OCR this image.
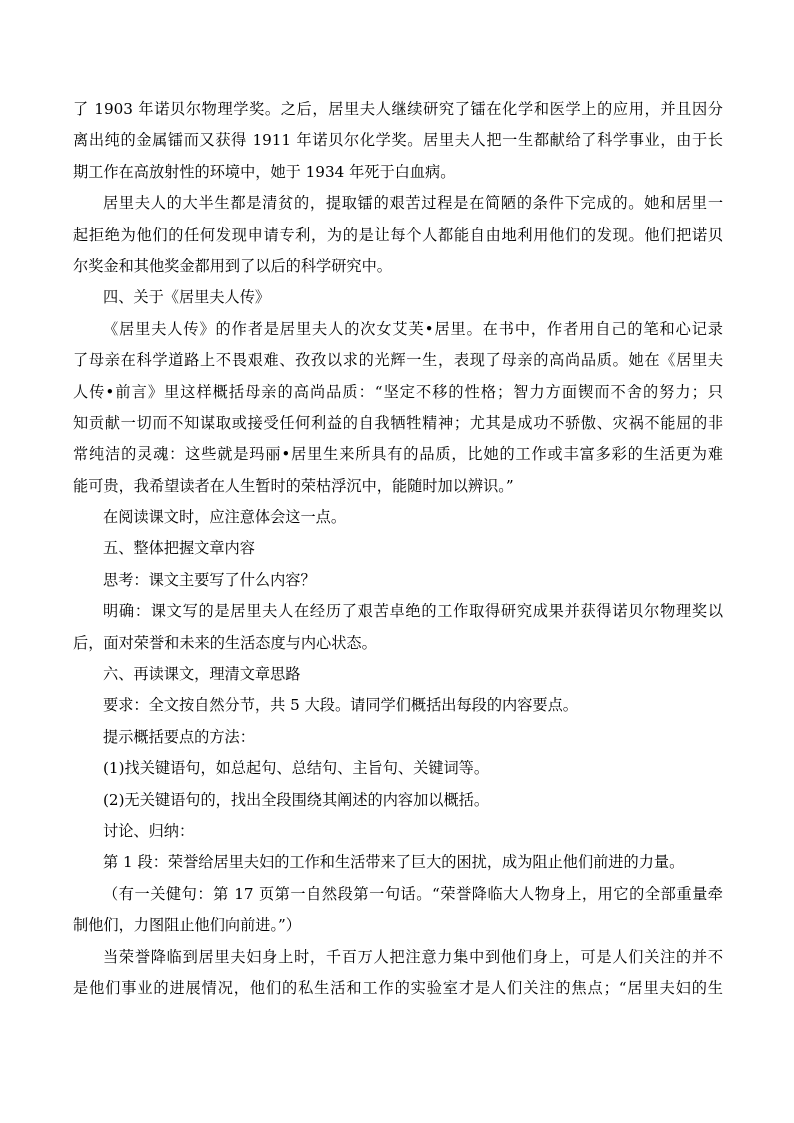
了 1903 年诺贝尔物理学奖。之后，居里夫人继续研究了镭在化学和医学上的应用，并且因分
离出纯的金属镭而又获得 1911 年诺贝尔化学奖。居里夫人把一生都献给了科学事业，由于长
期工作在高放射性的环境中，她于 1934 年死于白血病。
居里夫人的大半生都是清贫的，提取镭的艰苦过程是在简陋的条件下完成的。她和居里一
起拒绝为他们的任何发现申请专利，为的是让每个人都能自由地利用他们的发现。他们把诺贝
尔奖金和其他奖金都用到了以后的科学研究中。
四、关于《居里夫人传》
《居里夫人传》的作者是居里夫人的次女艾芙•居里。在书中，作者用自己的笔和心记录
了母亲在科学道路上不畏艰难、孜孜以求的光辉一生，表现了母亲的高尚品质。她在《居里夫
人传•前言》里这样概括母亲的高尚品质：“坚定不移的性格；智力方面锲而不舍的努力；只
知贡献一切而不知谋取或接受任何利益的自我牺牲精神；尤其是成功不骄傲、灾祸不能屈的非
常纯洁的灵魂：这些就是玛丽•居里生来所具有的品质，比她的工作或丰富多彩的生活更为难
能可贵，我希望读者在人生暂时的荣枯浮沉中，能随时加以辨识。”
在阅读课文时，应注意体会这一点。
五、整体把握文章内容
思考：课文主要写了什么内容？
明确：课文写的是居里夫人在经历了艰苦卓绝的工作取得研究成果并获得诺贝尔物理奖以
后，面对荣誉和未来的生活态度与内心状态。
六、再读课文，理清文章思路
要求：全文按自然分节，共 5 大段。请同学们概括出每段的内容要点。
提示概括要点的方法：
(1)找关键语句，如总起句、总结句、主旨句、关键词等。
(2)无关键语句的，找出全段围绕其阐述的内容加以概括。
讨论、归纳：
第 1 段：荣誉给居里夫妇的工作和生活带来了巨大的困扰，成为阻止他们前进的力量。
（有一关健句：第 17 页第一自然段第一句话。“荣誉降临大人物身上，用它的全部重量牵
制他们，力图阻止他们向前进。”）
当荣誉降临到居里夫妇身上时，千百万人把注意力集中到他们身上，可是人们关注的并不
是他们事业的进展情况，他们的私生活和工作的实验室才是人们关注的焦点；“居里夫妇的生
